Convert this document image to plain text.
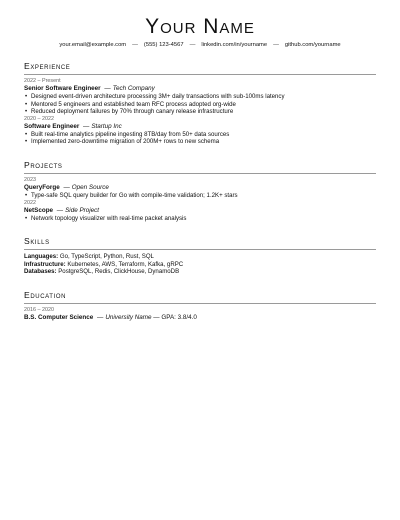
Your Name
your.email@example.com — (555) 123-4567 — linkedin.com/in/yourname — github.com/yourname
Experience
2022 – Present
Senior Software Engineer — Tech Company
• Designed event-driven architecture processing 3M+ daily transactions with sub-100ms latency
• Mentored 5 engineers and established team RFC process adopted org-wide
• Reduced deployment failures by 70% through canary release infrastructure
2020 – 2022
Software Engineer — Startup Inc
• Built real-time analytics pipeline ingesting 8TB/day from 50+ data sources
• Implemented zero-downtime migration of 200M+ rows to new schema
Projects
2023
QueryForge — Open Source
• Type-safe SQL query builder for Go with compile-time validation; 1.2K+ stars
2022
NetScope — Side Project
• Network topology visualizer with real-time packet analysis
Skills
Languages: Go, TypeScript, Python, Rust, SQL
Infrastructure: Kubernetes, AWS, Terraform, Kafka, gRPC
Databases: PostgreSQL, Redis, ClickHouse, DynamoDB
Education
2016 – 2020
B.S. Computer Science — University Name — GPA: 3.8/4.0
